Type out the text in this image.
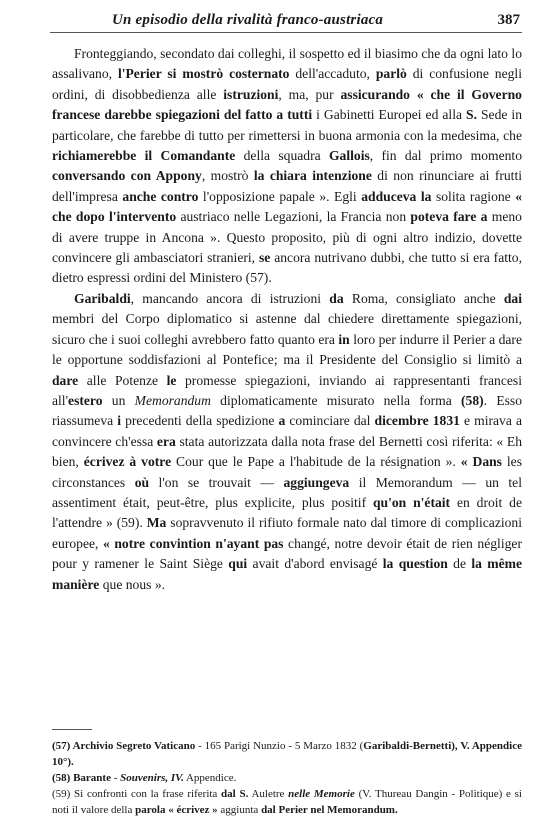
Un episodio della rivalità franco-austriaca	387

Fronteggiando, secondato dai colleghi, il sospetto ed il biasimo che da ogni lato lo assalivano, l'Perier si mostrò costernato dell'accaduto, parlò di confusione negli ordini, di disobbedienza alle istruzioni, ma, pur assicurando « che il Governo francese darebbe spiegazioni del fatto a tutti i Gabinetti Europei ed alla S. Sede in particolare, che farebbe di tutto per rimettersi in buona armonia con la medesima, che richiamerebbe il Comandante della squadra Gallois, fin dal primo momento conversando con Appony, mostrò la chiara intenzione di non rinunciare ai frutti dell'impresa anche contro l'opposizione papale ». Egli adduceva la solita ragione « che dopo l'intervento austriaco nelle Legazioni, la Francia non poteva fare a meno di avere truppe in Ancona ». Questo proposito, più di ogni altro indizio, dovette convincere gli ambasciatori stranieri, se ancora nutrivano dubbi, che tutto si era fatto, dietro espressi ordini del Ministero (57).

Garibaldi, mancando ancora di istruzioni da Roma, consigliato anche dai membri del Corpo diplomatico si astenne dal chiedere direttamente spiegazioni, sicuro che i suoi colleghi avrebbero fatto quanto era in loro per indurre il Perier a dare le opportune soddisfazioni al Pontefice; ma il Presidente del Consiglio si limitò a dare alle Potenze le promesse spiegazioni, inviando ai rappresentanti francesi all'estero un Memorandum diplomaticamente misurato nella forma (58). Esso riassumeva i precedenti della spedizione a cominciare dal dicembre 1831 e mirava a convincere ch'essa era stata autorizzata dalla nota frase del Bernetti così riferita: « Eh bien, écrivez à votre Cour que le Pape a l'habitude de la résignation ». « Dans les circonstances où l'on se trouvait — aggiungeva il Memorandum — un tel assentiment était, peut-être, plus explicite, plus positif qu'on n'était en droit de l'attendre » (59). Ma sopravvenuto il rifiuto formale nato dal timore di complicazioni europee, « notre convintion n'ayant pas changé, notre devoir était de rien négliger pour y ramener le Saint Siège qui avait d'abord envisagé la question de la même manière que nous ».

(57) Archivio Segreto Vaticano - 165 Parigi Nunzio - 5 Marzo 1832 (Garibaldi-Bernetti), V. Appendice 10°).

(58) Barante - Souvenirs, IV. Appendice.

(59) Si confronti con la frase riferita dal S. Auletre nelle Memorie (V. Thureau Dangin - Politique) e si noti il valore della parola « écrivez » aggiunta dal Perier nel Memorandum.
